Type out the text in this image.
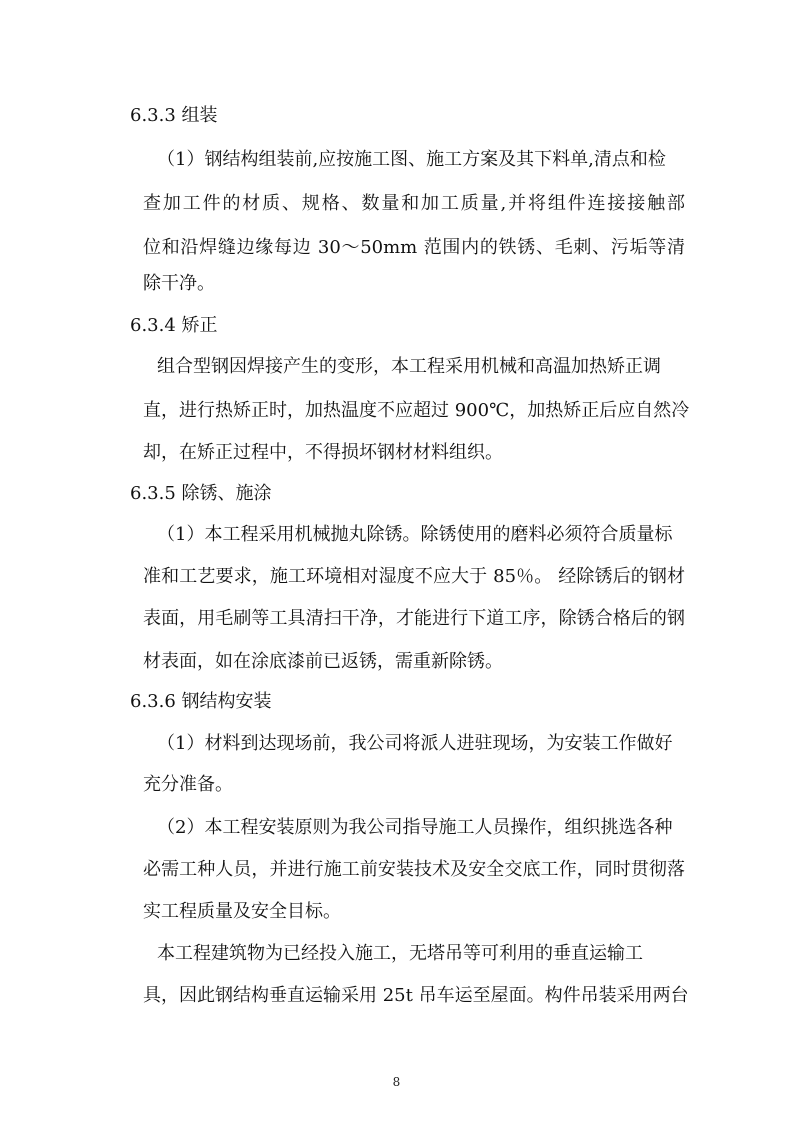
6.3.3 组装
（1）钢结构组装前,应按施工图、施工方案及其下料单,清点和检
查加工件的材质、规格、数量和加工质量,并将组件连接接触部
位和沿焊缝边缘每边 30～50mm 范围内的铁锈、毛刺、污垢等清
除干净。
6.3.4 矫正
组合型钢因焊接产生的变形，本工程采用机械和高温加热矫正调
直，进行热矫正时，加热温度不应超过 900℃，加热矫正后应自然冷
却，在矫正过程中，不得损坏钢材材料组织。
6.3.5 除锈、施涂
（1）本工程采用机械抛丸除锈。除锈使用的磨料必须符合质量标
准和工艺要求，施工环境相对湿度不应大于 85％。 经除锈后的钢材
表面，用毛刷等工具清扫干净，才能进行下道工序，除锈合格后的钢
材表面，如在涂底漆前已返锈，需重新除锈。
6.3.6 钢结构安装
（1）材料到达现场前，我公司将派人进驻现场，为安装工作做好
充分准备。
（2）本工程安装原则为我公司指导施工人员操作，组织挑选各种
必需工种人员，并进行施工前安装技术及安全交底工作，同时贯彻落
实工程质量及安全目标。
本工程建筑物为已经投入施工，无塔吊等可利用的垂直运输工
具，因此钢结构垂直运输采用 25t 吊车运至屋面。构件吊装采用两台
8
